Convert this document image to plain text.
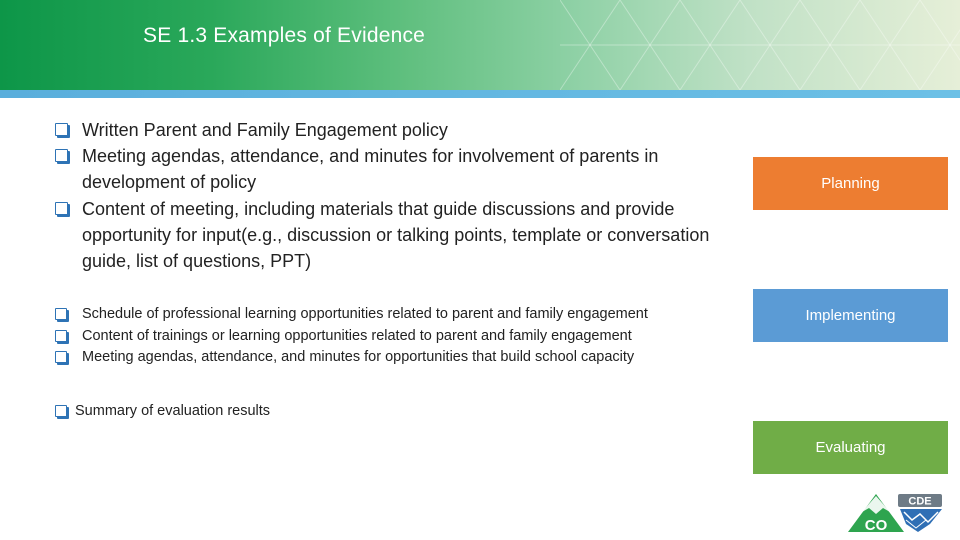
SE 1.3 Examples of Evidence
Written Parent and Family Engagement policy
Meeting agendas, attendance, and minutes for involvement of parents in development of policy
Content of meeting, including materials that guide discussions and provide opportunity for input(e.g., discussion or talking points, template or conversation guide, list of questions, PPT)
Schedule of professional learning opportunities related to parent and family engagement
Content of trainings or learning opportunities related to parent and family engagement
Meeting agendas, attendance, and minutes for opportunities that build school capacity
Summary of evaluation results
Planning
Implementing
Evaluating
CO
CDE
